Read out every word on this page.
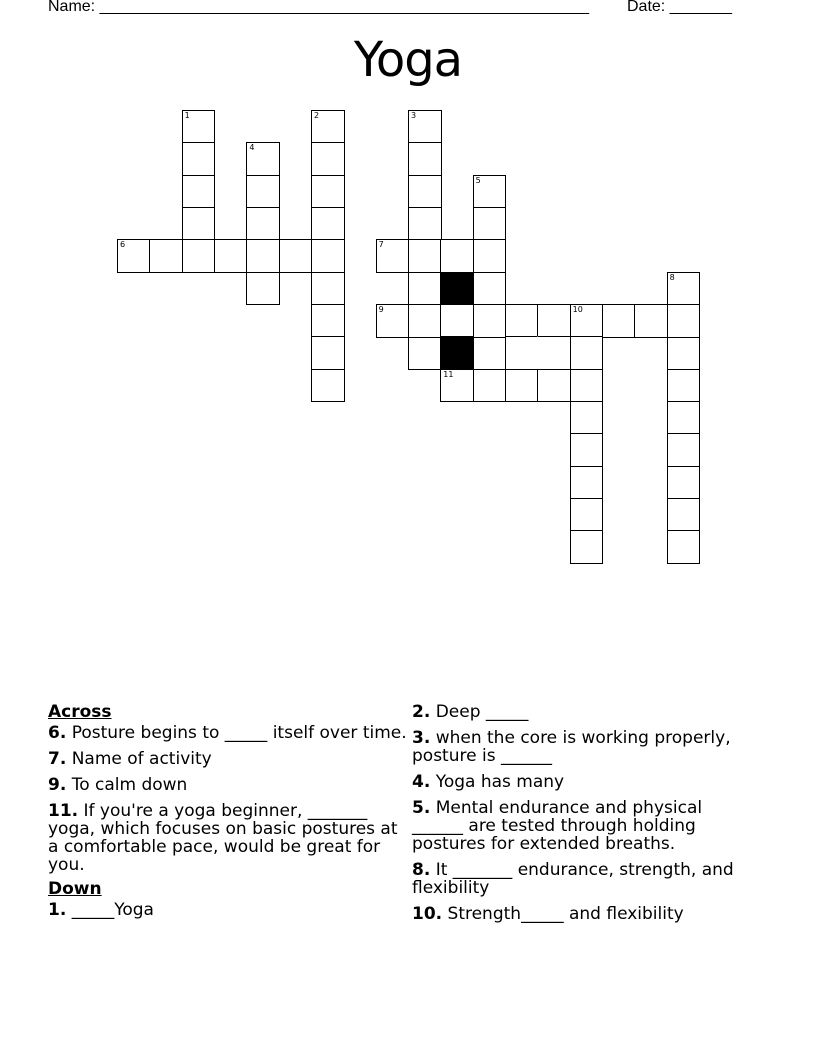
Name: _______________________________________________________ Date: _______
Yoga
1	2	3
4
5
6	7
8
9	10
11
Across
6. Posture begins to _____ itself over time.
7. Name of activity
9. To calm down
11. If you're a yoga beginner, _______ yoga, which focuses on basic postures at a comfortable pace, would be great for you.
Down
1. _____Yoga
2. Deep _____
3. when the core is working properly, posture is ______
4. Yoga has many
5. Mental endurance and physical ______ are tested through holding postures for extended breaths.
8. It _______ endurance, strength, and flexibility
10. Strength_____ and flexibility
